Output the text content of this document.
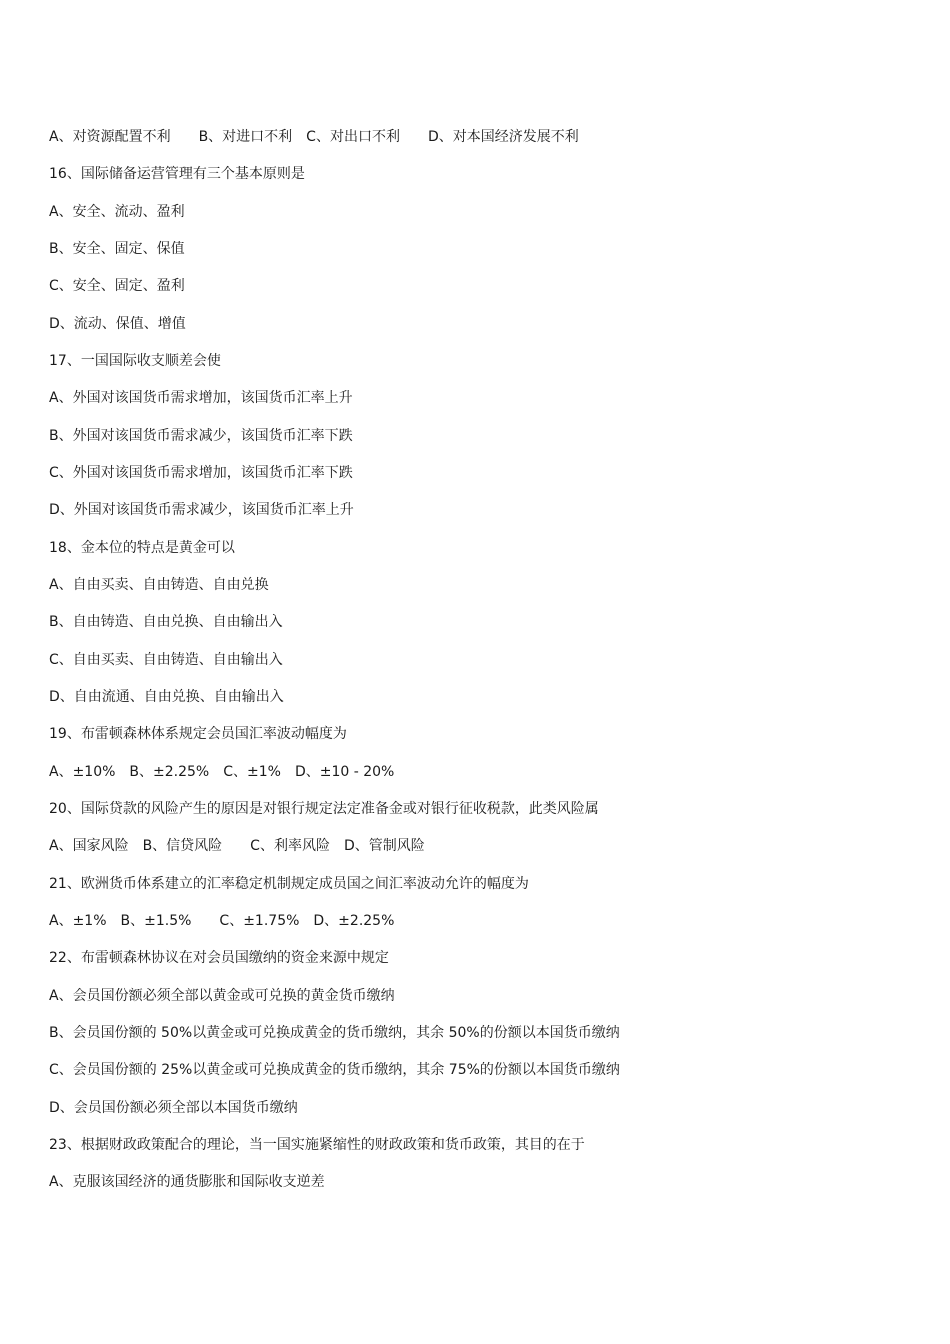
A、对资源配置不利　　B、对进口不利　C、对出口不利　　D、对本国经济发展不利
16、国际储备运营管理有三个基本原则是
A、安全、流动、盈利
B、安全、固定、保值
C、安全、固定、盈利
D、流动、保值、增值
17、一国国际收支顺差会使
A、外国对该国货币需求增加，该国货币汇率上升
B、外国对该国货币需求减少，该国货币汇率下跌
C、外国对该国货币需求增加，该国货币汇率下跌
D、外国对该国货币需求减少，该国货币汇率上升
18、金本位的特点是黄金可以
A、自由买卖、自由铸造、自由兑换
B、自由铸造、自由兑换、自由输出入
C、自由买卖、自由铸造、自由输出入
D、自由流通、自由兑换、自由输出入
19、布雷顿森林体系规定会员国汇率波动幅度为
A、±10%　B、±2.25%　C、±1%　D、±10 - 20%
20、国际贷款的风险产生的原因是对银行规定法定准备金或对银行征收税款，此类风险属
A、国家风险　B、信贷风险　　C、利率风险　D、管制风险
21、欧洲货币体系建立的汇率稳定机制规定成员国之间汇率波动允许的幅度为
A、±1%　B、±1.5%　　C、±1.75%　D、±2.25%
22、布雷顿森林协议在对会员国缴纳的资金来源中规定
A、会员国份额必须全部以黄金或可兑换的黄金货币缴纳
B、会员国份额的 50%以黄金或可兑换成黄金的货币缴纳，其余 50%的份额以本国货币缴纳
C、会员国份额的 25%以黄金或可兑换成黄金的货币缴纳，其余 75%的份额以本国货币缴纳
D、会员国份额必须全部以本国货币缴纳
23、根据财政政策配合的理论，当一国实施紧缩性的财政政策和货币政策，其目的在于
A、克服该国经济的通货膨胀和国际收支逆差
